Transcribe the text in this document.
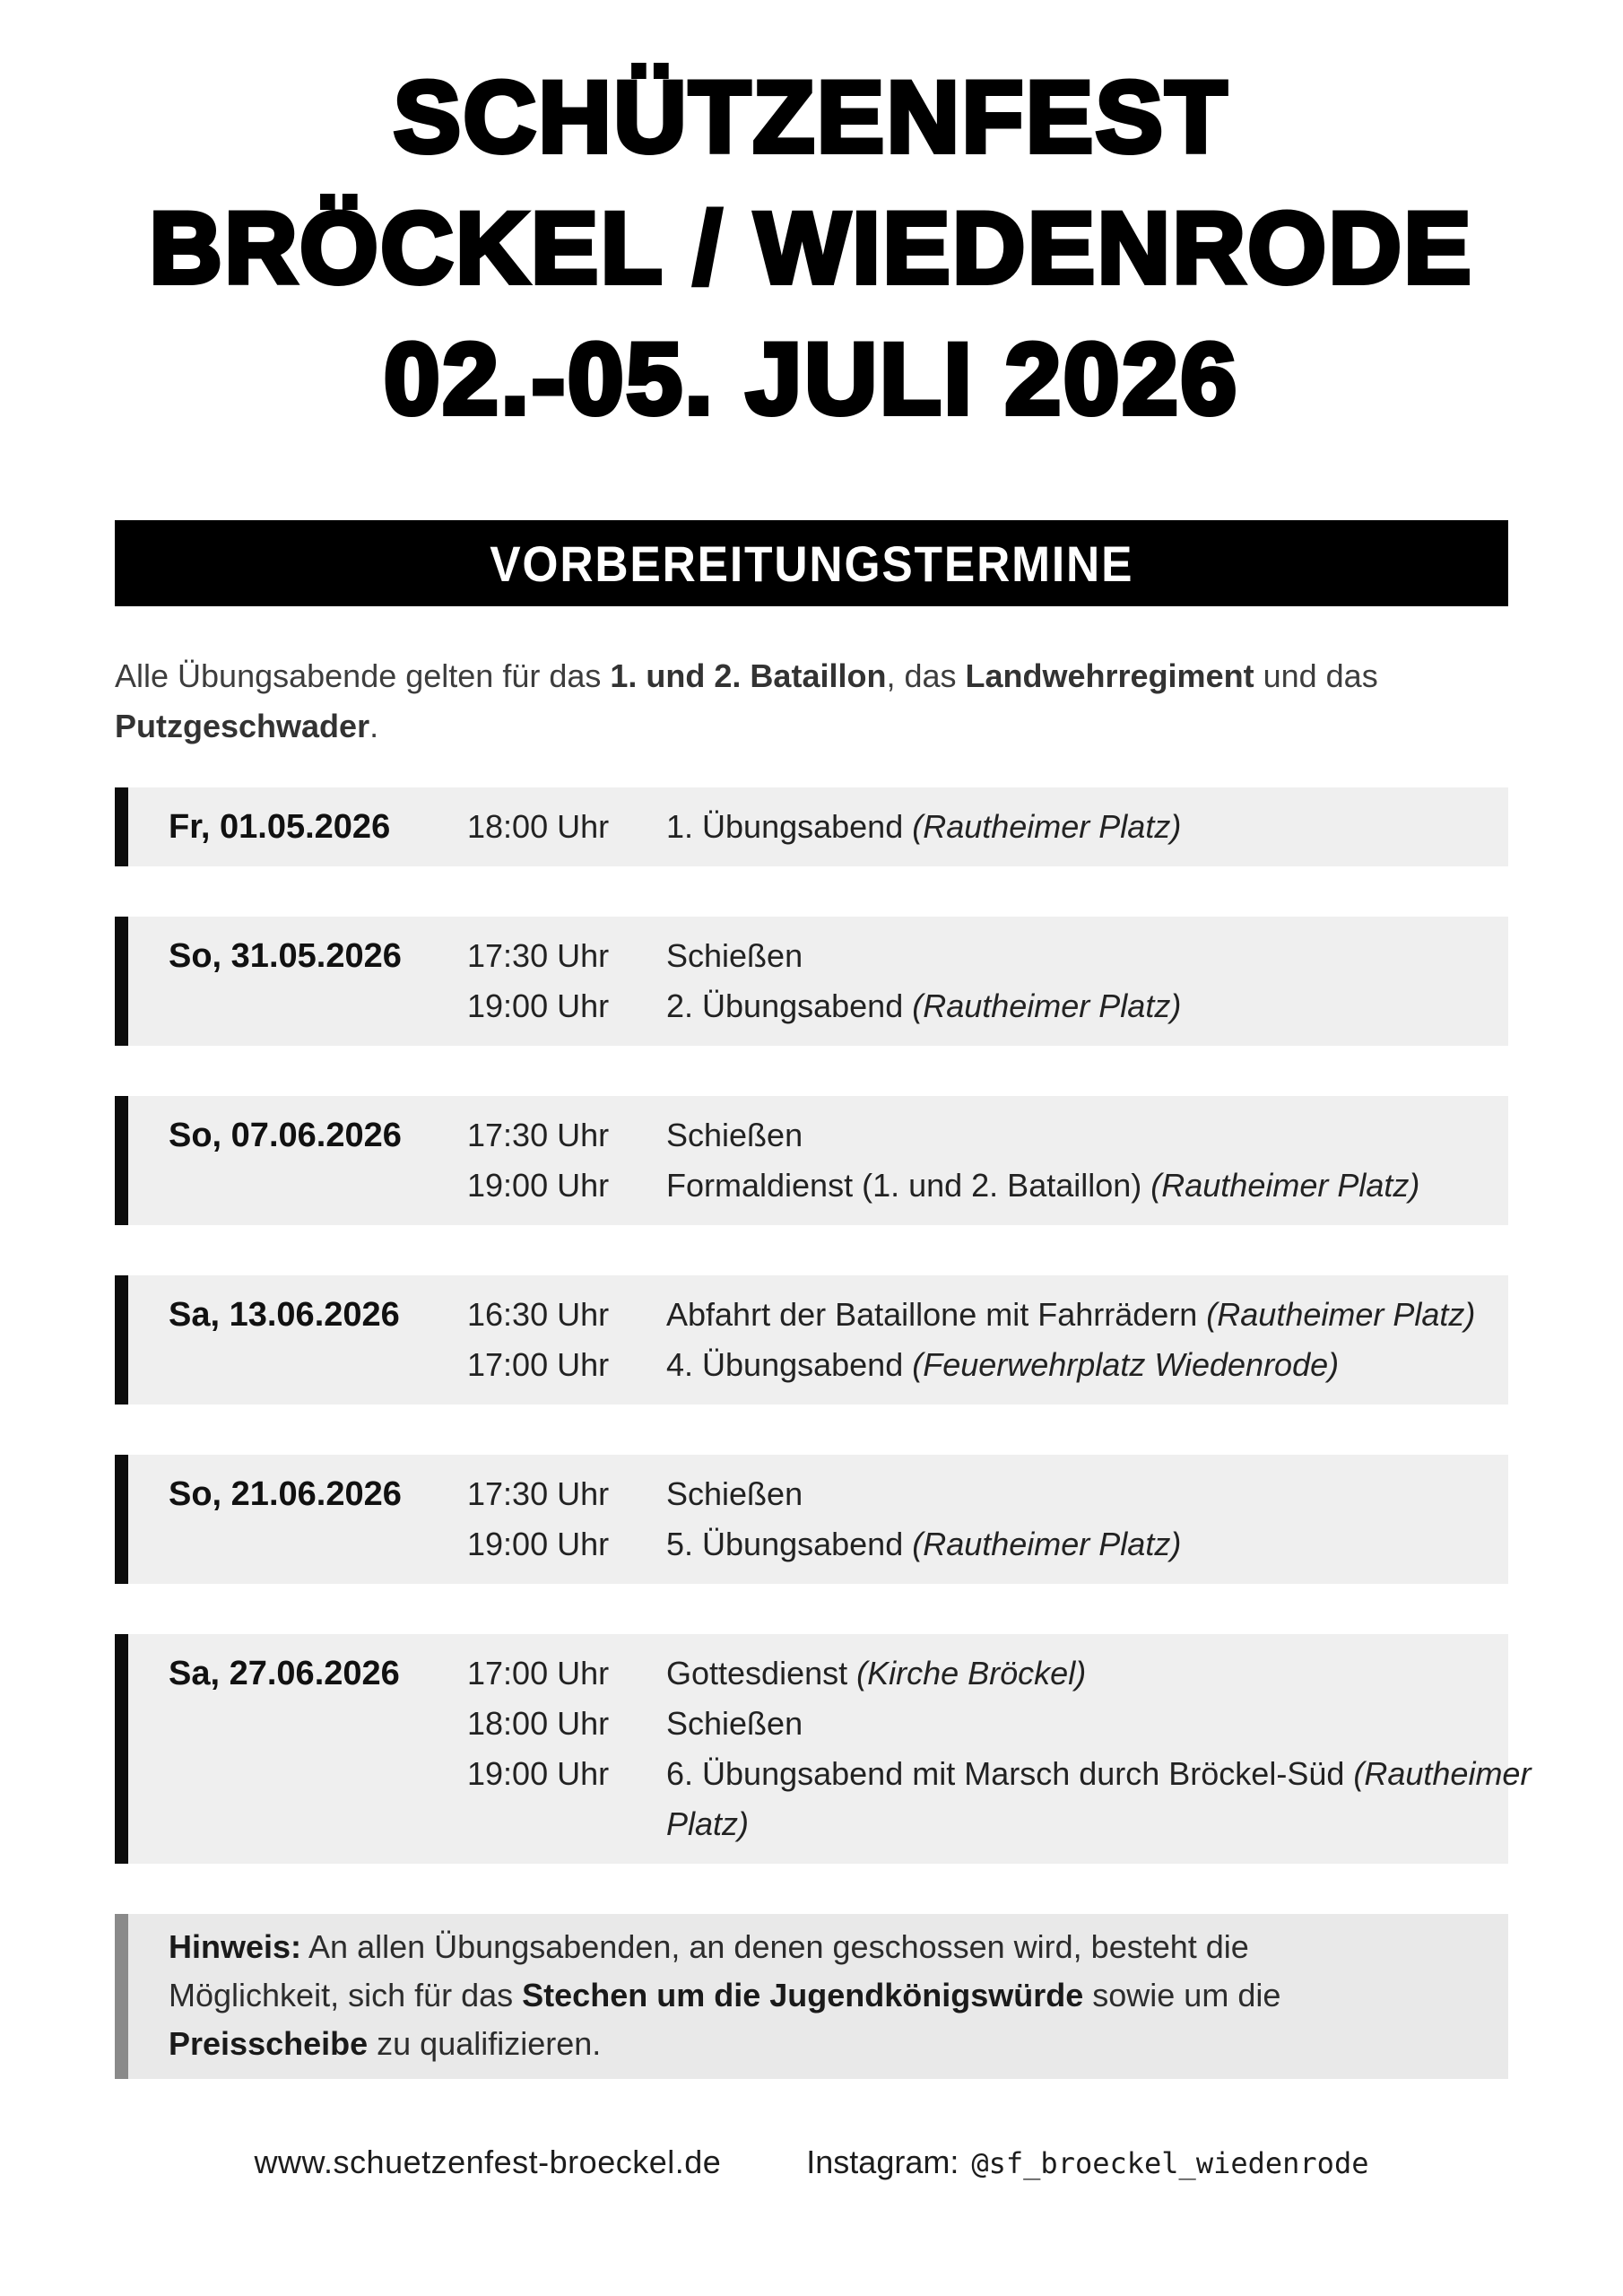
SCHÜTZENFEST
BRÖCKEL / WIEDENRODE
02.-05. JULI 2026
VORBEREITUNGSTERMINE

Alle Übungsabende gelten für das 1. und 2. Bataillon, das Landwehrregiment und das Putzgeschwader.

Fr, 01.05.2026	18:00 Uhr	1. Übungsabend (Rautheimer Platz)
So, 31.05.2026	17:30 Uhr	Schießen
19:00 Uhr	2. Übungsabend (Rautheimer Platz)
So, 07.06.2026	17:30 Uhr	Schießen
19:00 Uhr	Formaldienst (1. und 2. Bataillon) (Rautheimer Platz)
Sa, 13.06.2026	16:30 Uhr	Abfahrt der Bataillone mit Fahrrädern (Rautheimer Platz)
17:00 Uhr	4. Übungsabend (Feuerwehrplatz Wiedenrode)
So, 21.06.2026	17:30 Uhr	Schießen
19:00 Uhr	5. Übungsabend (Rautheimer Platz)
Sa, 27.06.2026	17:00 Uhr	Gottesdienst (Kirche Bröckel)
18:00 Uhr	Schießen
19:00 Uhr	6. Übungsabend mit Marsch durch Bröckel-Süd (Rautheimer Platz)

Hinweis: An allen Übungsabenden, an denen geschossen wird, besteht die Möglichkeit, sich für das Stechen um die Jugendkönigswürde sowie um die Preisscheibe zu qualifizieren.

www.schuetzenfest-broeckel.de	Instagram: @sf_broeckel_wiedenrode
